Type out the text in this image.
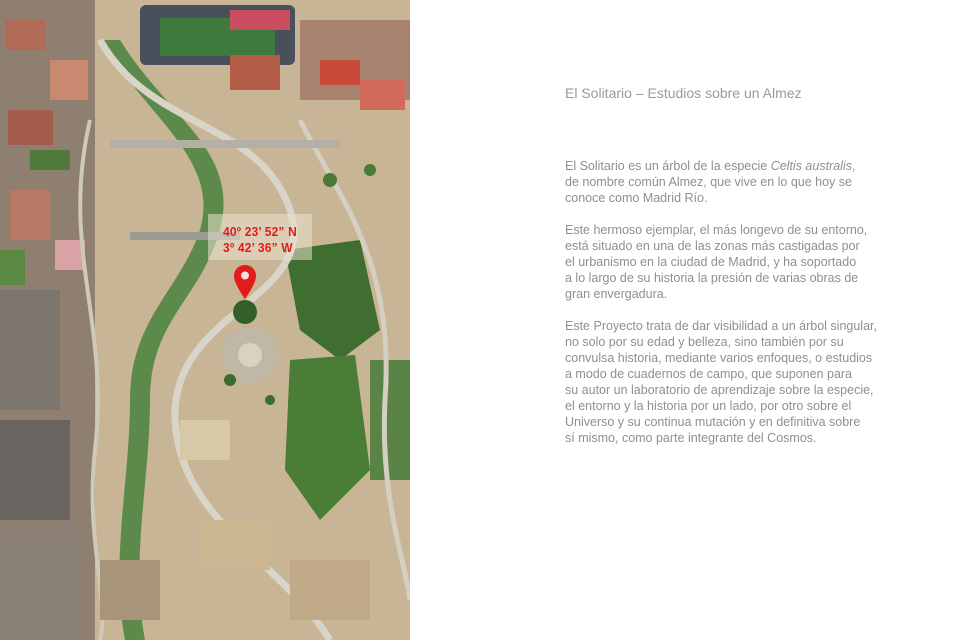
40º 23’ 52” N
3º 42’ 36” W
El Solitario – Estudios sobre un Almez
El Solitario es un árbol de la especie Celtis australis,
de nombre común Almez, que vive en lo que hoy se
conoce como Madrid Río.
Este hermoso ejemplar, el más longevo de su entorno,
está situado en una de las zonas más castigadas por
el urbanismo en la ciudad de Madrid, y ha soportado
a lo largo de su historia la presión de varias obras de
gran envergadura.
Este Proyecto trata de dar visibilidad a un árbol singular,
no solo por su edad y belleza, sino también por su
convulsa historia, mediante varios enfoques, o estudios
a modo de cuadernos de campo, que suponen para
su autor un laboratorio de aprendizaje sobre la especie,
el entorno y la historia por un lado, por otro sobre el
Universo y su continua mutación y en definitiva sobre
sí mismo, como parte integrante del Cosmos.
